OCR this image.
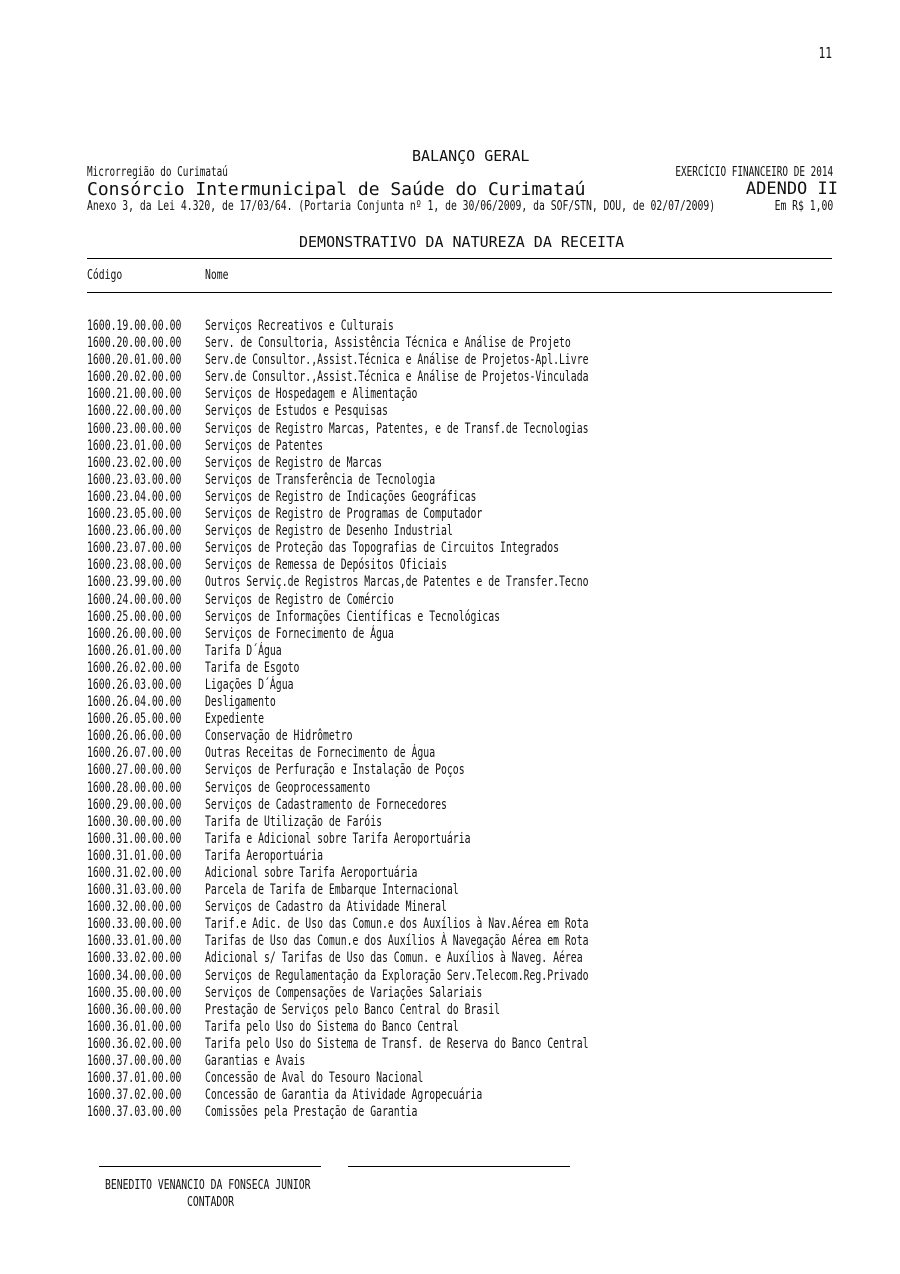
11
BALANÇO GERAL
Microrregião do Curimataú	EXERCÍCIO FINANCEIRO DE 2014
Consórcio Intermunicipal de Saúde do Curimataú	ADENDO II
Anexo 3, da Lei 4.320, de 17/03/64. (Portaria Conjunta nº 1, de 30/06/2009, da SOF/STN, DOU, de 02/07/2009)	Em R$ 1,00
DEMONSTRATIVO DA NATUREZA DA RECEITA
Código	Nome
1600.19.00.00.00 Serviços Recreativos e Culturais
1600.20.00.00.00 Serv. de Consultoria, Assistência Técnica e Análise de Projeto
1600.20.01.00.00 Serv.de Consultor.,Assist.Técnica e Análise de Projetos-Apl.Livre
1600.20.02.00.00 Serv.de Consultor.,Assist.Técnica e Análise de Projetos-Vinculada
1600.21.00.00.00 Serviços de Hospedagem e Alimentação
1600.22.00.00.00 Serviços de Estudos e Pesquisas
1600.23.00.00.00 Serviços de Registro Marcas, Patentes, e de Transf.de Tecnologias
1600.23.01.00.00 Serviços de Patentes
1600.23.02.00.00 Serviços de Registro de Marcas
1600.23.03.00.00 Serviços de Transferência de Tecnologia
1600.23.04.00.00 Serviços de Registro de Indicações Geográficas
1600.23.05.00.00 Serviços de Registro de Programas de Computador
1600.23.06.00.00 Serviços de Registro de Desenho Industrial
1600.23.07.00.00 Serviços de Proteção das Topografias de Circuitos Integrados
1600.23.08.00.00 Serviços de Remessa de Depósitos Oficiais
1600.23.99.00.00 Outros Serviç.de Registros Marcas,de Patentes e de Transfer.Tecno
1600.24.00.00.00 Serviços de Registro de Comércio
1600.25.00.00.00 Serviços de Informações Científicas e Tecnológicas
1600.26.00.00.00 Serviços de Fornecimento de Água
1600.26.01.00.00 Tarifa D´Água
1600.26.02.00.00 Tarifa de Esgoto
1600.26.03.00.00 Ligações D´Água
1600.26.04.00.00 Desligamento
1600.26.05.00.00 Expediente
1600.26.06.00.00 Conservação de Hidrômetro
1600.26.07.00.00 Outras Receitas de Fornecimento de Água
1600.27.00.00.00 Serviços de Perfuração e Instalação de Poços
1600.28.00.00.00 Serviços de Geoprocessamento
1600.29.00.00.00 Serviços de Cadastramento de Fornecedores
1600.30.00.00.00 Tarifa de Utilização de Faróis
1600.31.00.00.00 Tarifa e Adicional sobre Tarifa Aeroportuária
1600.31.01.00.00 Tarifa Aeroportuária
1600.31.02.00.00 Adicional sobre Tarifa Aeroportuária
1600.31.03.00.00 Parcela de Tarifa de Embarque Internacional
1600.32.00.00.00 Serviços de Cadastro da Atividade Mineral
1600.33.00.00.00 Tarif.e Adic. de Uso das Comun.e dos Auxílios à Nav.Aérea em Rota
1600.33.01.00.00 Tarifas de Uso das Comun.e dos Auxílios À Navegação Aérea em Rota
1600.33.02.00.00 Adicional s/ Tarifas de Uso das Comun. e Auxílios à Naveg. Aérea
1600.34.00.00.00 Serviços de Regulamentação da Exploração Serv.Telecom.Reg.Privado
1600.35.00.00.00 Serviços de Compensações de Variações Salariais
1600.36.00.00.00 Prestação de Serviços pelo Banco Central do Brasil
1600.36.01.00.00 Tarifa pelo Uso do Sistema do Banco Central
1600.36.02.00.00 Tarifa pelo Uso do Sistema de Transf. de Reserva do Banco Central
1600.37.00.00.00 Garantias e Avais
1600.37.01.00.00 Concessão de Aval do Tesouro Nacional
1600.37.02.00.00 Concessão de Garantia da Atividade Agropecuária
1600.37.03.00.00 Comissões pela Prestação de Garantia
BENEDITO VENANCIO DA FONSECA JUNIOR
CONTADOR
